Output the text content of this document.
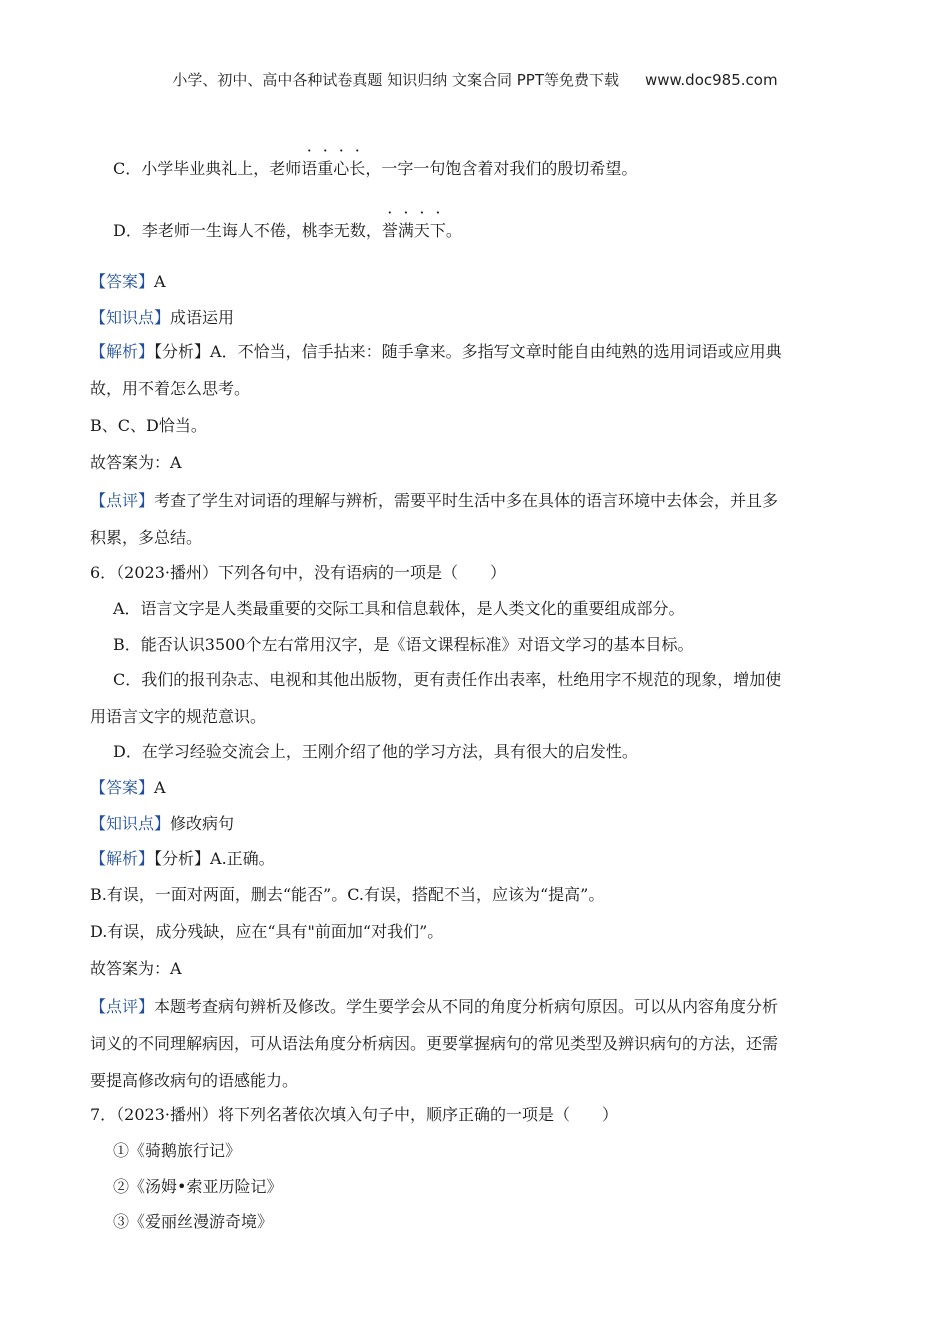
小学、初中、高中各种试卷真题 知识归纳 文案合同 PPT等免费下载 www.doc985.com
C．小学毕业典礼上，老师语重心长，一字一句饱含着对我们的殷切希望。
D．李老师一生诲人不倦，桃李无数，誉满天下。
【答案】A
【知识点】成语运用
【解析】【分析】A．不恰当，信手拈来：随手拿来。多指写文章时能自由纯熟的选用词语或应用典
故，用不着怎么思考。
B、C、D恰当。
故答案为：A
【点评】考查了学生对词语的理解与辨析，需要平时生活中多在具体的语言环境中去体会，并且多
积累，多总结。
6．（2023·播州）下列各句中，没有语病的一项是（　　）
A．语言文字是人类最重要的交际工具和信息载体，是人类文化的重要组成部分。
B．能否认识3500个左右常用汉字，是《语文课程标准》对语文学习的基本目标。
C．我们的报刊杂志、电视和其他出版物，更有责任作出表率，杜绝用字不规范的现象，增加使
用语言文字的规范意识。
D．在学习经验交流会上，王刚介绍了他的学习方法，具有很大的启发性。
【答案】A
【知识点】修改病句
【解析】【分析】A.正确。
B.有误，一面对两面，删去“能否”。C.有误，搭配不当，应该为“提高”。
D.有误，成分残缺，应在“具有"前面加“对我们”。
故答案为：A
【点评】本题考查病句辨析及修改。学生要学会从不同的角度分析病句原因。可以从内容角度分析
词义的不同理解病因，可从语法角度分析病因。更要掌握病句的常见类型及辨识病句的方法，还需
要提高修改病句的语感能力。
7．（2023·播州）将下列名著依次填入句子中，顺序正确的一项是（　　）
①《骑鹅旅行记》
②《汤姆•索亚历险记》
③《爱丽丝漫游奇境》
